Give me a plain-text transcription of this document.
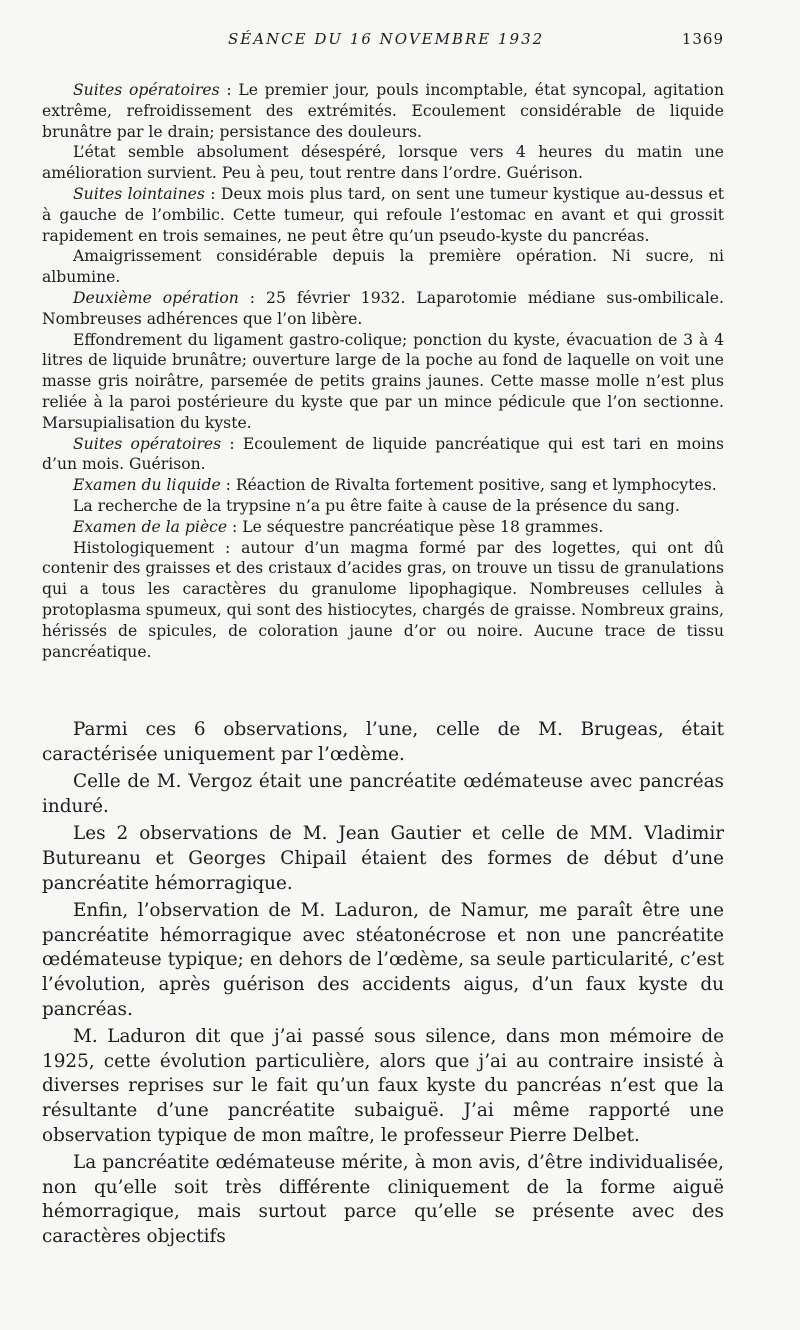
SÉANCE DU 16 NOVEMBRE 1932	1369

Suites opératoires : Le premier jour, pouls incomptable, état syncopal, agitation extrême, refroidissement des extrémités. Ecoulement considérable de liquide brunâtre par le drain; persistance des douleurs.

L’état semble absolument désespéré, lorsque vers 4 heures du matin une amélioration survient. Peu à peu, tout rentre dans l’ordre. Guérison.

Suites lointaines : Deux mois plus tard, on sent une tumeur kystique au-dessus et à gauche de l’ombilic. Cette tumeur, qui refoule l’estomac en avant et qui grossit rapidement en trois semaines, ne peut être qu’un pseudo-kyste du pancréas.

Amaigrissement considérable depuis la première opération. Ni sucre, ni albumine.

Deuxième opération : 25 février 1932. Laparotomie médiane sus-ombilicale. Nombreuses adhérences que l’on libère.

Effondrement du ligament gastro-colique; ponction du kyste, évacuation de 3 à 4 litres de liquide brunâtre; ouverture large de la poche au fond de laquelle on voit une masse gris noirâtre, parsemée de petits grains jaunes. Cette masse molle n’est plus reliée à la paroi postérieure du kyste que par un mince pédicule que l’on sectionne. Marsupialisation du kyste.

Suites opératoires : Ecoulement de liquide pancréatique qui est tari en moins d’un mois. Guérison.

Examen du liquide : Réaction de Rivalta fortement positive, sang et lymphocytes.

La recherche de la trypsine n’a pu être faite à cause de la présence du sang.

Examen de la pièce : Le séquestre pancréatique pèse 18 grammes.

Histologiquement : autour d’un magma formé par des logettes, qui ont dû contenir des graisses et des cristaux d’acides gras, on trouve un tissu de granulations qui a tous les caractères du granulome lipophagique. Nombreuses cellules à protoplasma spumeux, qui sont des histiocytes, chargés de graisse. Nombreux grains, hérissés de spicules, de coloration jaune d’or ou noire. Aucune trace de tissu pancréatique.

Parmi ces 6 observations, l’une, celle de M. Brugeas, était caractérisée uniquement par l’œdème.

Celle de M. Vergoz était une pancréatite œdémateuse avec pancréas induré.

Les 2 observations de M. Jean Gautier et celle de MM. Vladimir Butureanu et Georges Chipail étaient des formes de début d’une pancréatite hémorragique.

Enfin, l’observation de M. Laduron, de Namur, me paraît être une pancréatite hémorragique avec stéatonécrose et non une pancréatite œdémateuse typique; en dehors de l’œdème, sa seule particularité, c’est l’évolution, après guérison des accidents aigus, d’un faux kyste du pancréas.

M. Laduron dit que j’ai passé sous silence, dans mon mémoire de 1925, cette évolution particulière, alors que j’ai au contraire insisté à diverses reprises sur le fait qu’un faux kyste du pancréas n’est que la résultante d’une pancréatite subaiguë. J’ai même rapporté une observation typique de mon maître, le professeur Pierre Delbet.

La pancréatite œdémateuse mérite, à mon avis, d’être individualisée, non qu’elle soit très différente cliniquement de la forme aiguë hémorragique, mais surtout parce qu’elle se présente avec des caractères objectifs
